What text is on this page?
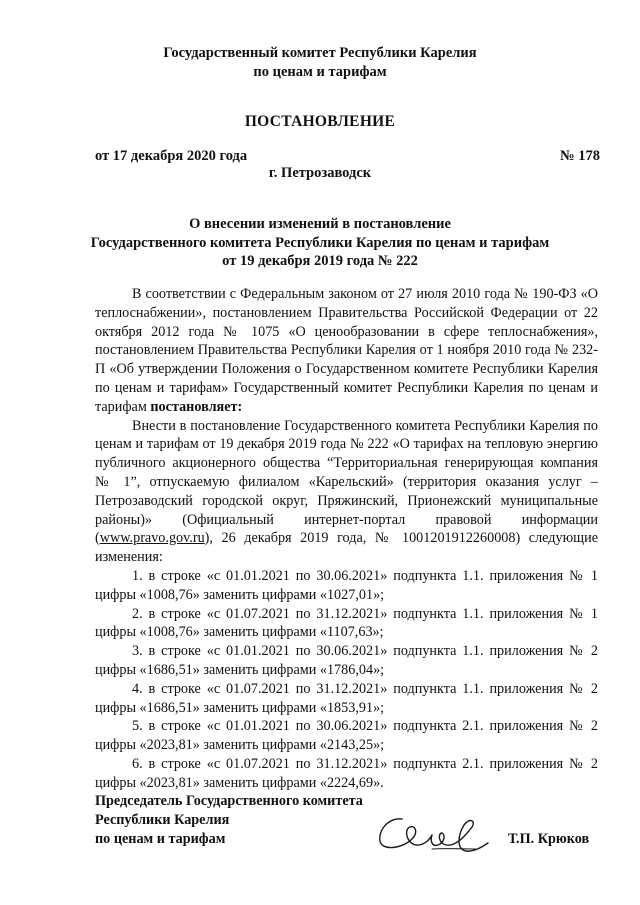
Государственный комитет Республики Карелия
по ценам и тарифам
ПОСТАНОВЛЕНИЕ
от 17 декабря 2020 года	№ 178
г. Петрозаводск
О внесении изменений в постановление
Государственного комитета Республики Карелия по ценам и тарифам
от 19 декабря 2019 года № 222

В соответствии с Федеральным законом от 27 июля 2010 года № 190-ФЗ «О теплоснабжении», постановлением Правительства Российской Федерации от 22 октября 2012 года № 1075 «О ценообразовании в сфере теплоснабжения», постановлением Правительства Республики Карелия от 1 ноября 2010 года № 232-П «Об утверждении Положения о Государственном комитете Республики Карелия по ценам и тарифам» Государственный комитет Республики Карелия по ценам и тарифам постановляет:

Внести в постановление Государственного комитета Республики Карелия по ценам и тарифам от 19 декабря 2019 года № 222 «О тарифах на тепловую энергию публичного акционерного общества “Территориальная генерирующая компания № 1”, отпускаемую филиалом «Карельский» (территория оказания услуг – Петрозаводский городской округ, Пряжинский, Прионежский муниципальные районы)» (Официальный интернет-портал правовой информации (www.pravo.gov.ru), 26 декабря 2019 года, № 1001201912260008) следующие изменения:

1. в строке «с 01.01.2021 по 30.06.2021» подпункта 1.1. приложения № 1 цифры «1008,76» заменить цифрами «1027,01»;

2. в строке «с 01.07.2021 по 31.12.2021» подпункта 1.1. приложения № 1 цифры «1008,76» заменить цифрами «1107,63»;

3. в строке «с 01.01.2021 по 30.06.2021» подпункта 1.1. приложения № 2 цифры «1686,51» заменить цифрами «1786,04»;

4. в строке «с 01.07.2021 по 31.12.2021» подпункта 1.1. приложения № 2 цифры «1686,51» заменить цифрами «1853,91»;

5. в строке «с 01.01.2021 по 30.06.2021» подпункта 2.1. приложения № 2 цифры «2023,81» заменить цифрами «2143,25»;

6. в строке «с 01.07.2021 по 31.12.2021» подпункта 2.1. приложения № 2 цифры «2023,81» заменить цифрами «2224,69».

Председатель Государственного комитета
Республики Карелия
по ценам и тарифам	Т.П. Крюков
